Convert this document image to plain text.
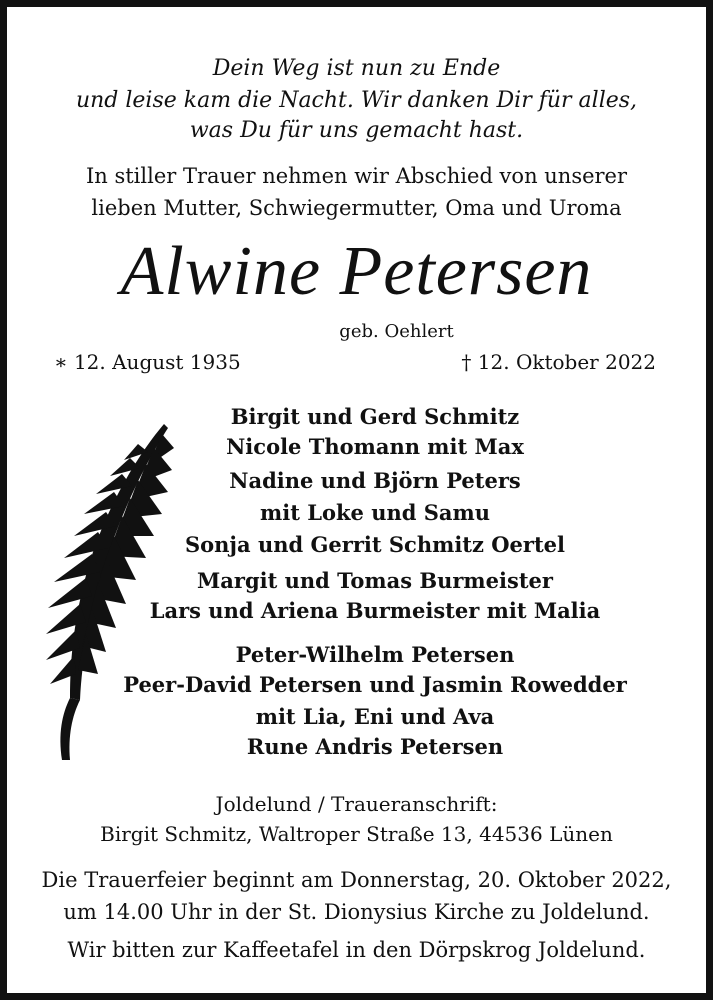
Dein Weg ist nun zu Ende
und leise kam die Nacht. Wir danken Dir für alles,
was Du für uns gemacht hast.
In stiller Trauer nehmen wir Abschied von unserer
lieben Mutter, Schwiegermutter, Oma und Uroma
Alwine Petersen
geb. Oehlert
∗ 12. August 1935	† 12. Oktober 2022
Birgit und Gerd Schmitz
Nicole Thomann mit Max
Nadine und Björn Peters
mit Loke und Samu
Sonja und Gerrit Schmitz Oertel
Margit und Tomas Burmeister
Lars und Ariena Burmeister mit Malia
Peter-Wilhelm Petersen
Peer-David Petersen und Jasmin Rowedder
mit Lia, Eni und Ava
Rune Andris Petersen
Joldelund / Traueranschrift:
Birgit Schmitz, Waltroper Straße 13, 44536 Lünen
Die Trauerfeier beginnt am Donnerstag, 20. Oktober 2022,
um 14.00 Uhr in der St. Dionysius Kirche zu Joldelund.
Wir bitten zur Kaffeetafel in den Dörpskrog Joldelund.
